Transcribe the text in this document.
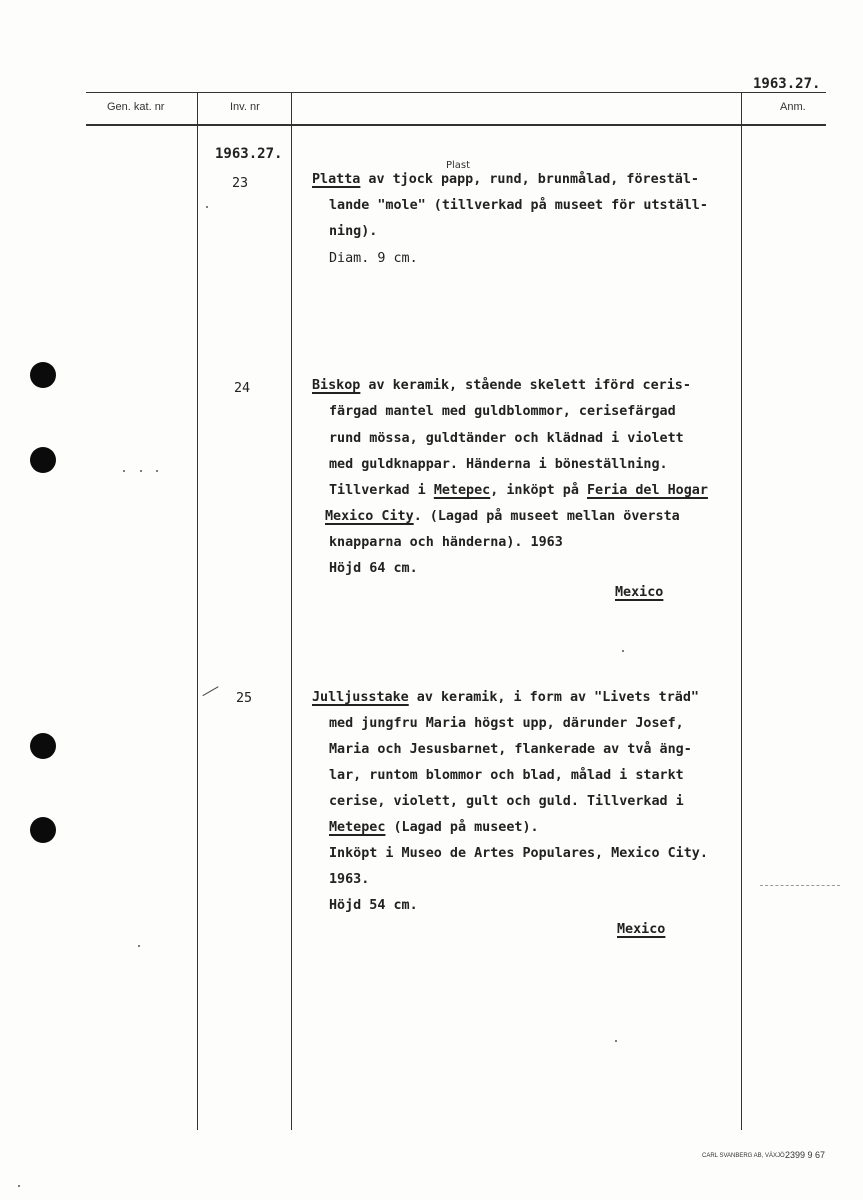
1963.27.
Gen. kat. nr	Inv. nr	Anm.
1963.27.
23
Plast
Platta av tjock papp, rund, brunmålad, förestäl-
lande "mole" (tillverkad på museet för utställ-
ning).
Diam. 9 cm.
24	Biskop av keramik, stående skelett iförd ceris-
färgad mantel med guldblommor, cerisefärgad
rund mössa, guldtänder och klädnad i violett
med guldknappar. Händerna i böneställning.
Tillverkad i Metepec, inköpt på Feria del Hogar
Mexico City. (Lagad på museet mellan översta
knapparna och händerna). 1963
Höjd 64 cm.
Mexico
25	Julljusstake av keramik, i form av "Livets träd"
med jungfru Maria högst upp, därunder Josef,
Maria och Jesusbarnet, flankerade av två äng-
lar, runtom blommor och blad, målad i starkt
cerise, violett, gult och guld. Tillverkad i
Metepec (Lagad på museet).
Inköpt i Museo de Artes Populares, Mexico City.
1963.
Höjd 54 cm.
Mexico
CARL SVANBERG AB, VÄXJÖ 2399 9 67
